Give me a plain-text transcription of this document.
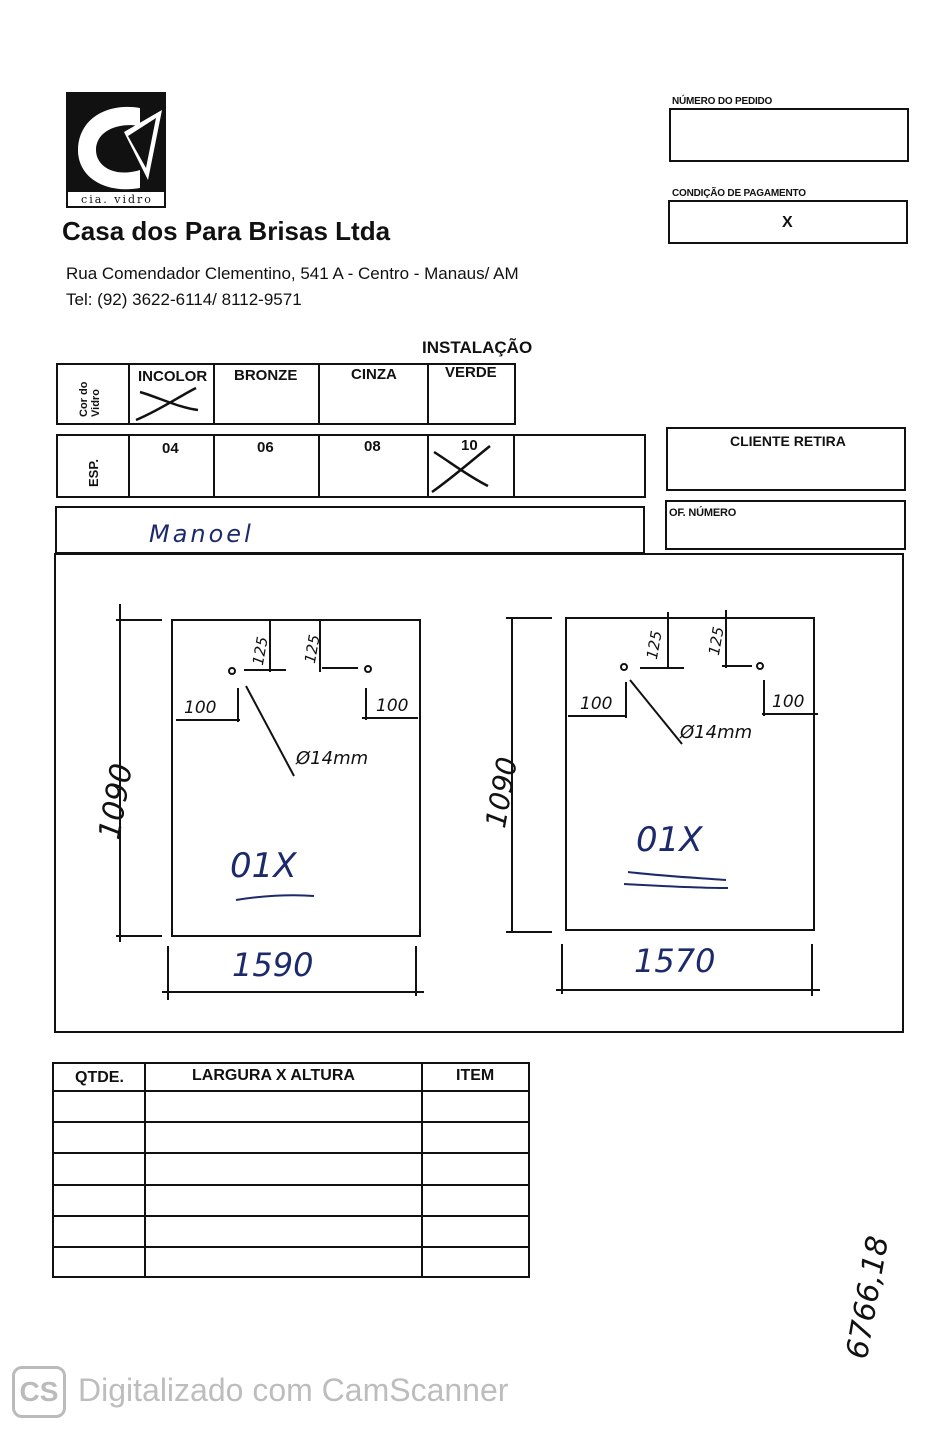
cia. vidro
Casa dos Para Brisas Ltda
Rua Comendador Clementino, 541 A - Centro - Manaus/ AM
Tel: (92) 3622-6114/ 8112-9571
NÚMERO DO PEDIDO
CONDIÇÃO DE PAGAMENTO
X
INSTALAÇÃO
Cor do Vidro
INCOLOR BRONZE	CINZA	VERDE
ESP.
04	06	08	10	CLIENTE RETIRA
Manoel
OF. NÚMERO
1090
1590
01X
Ø14mm
125 125
100	100
1090
1570
01X
Ø14mm
125	125
100	100
QTDE.	LARGURA X ALTURA	ITEM
6766,18
CS Digitalizado com CamScanner
